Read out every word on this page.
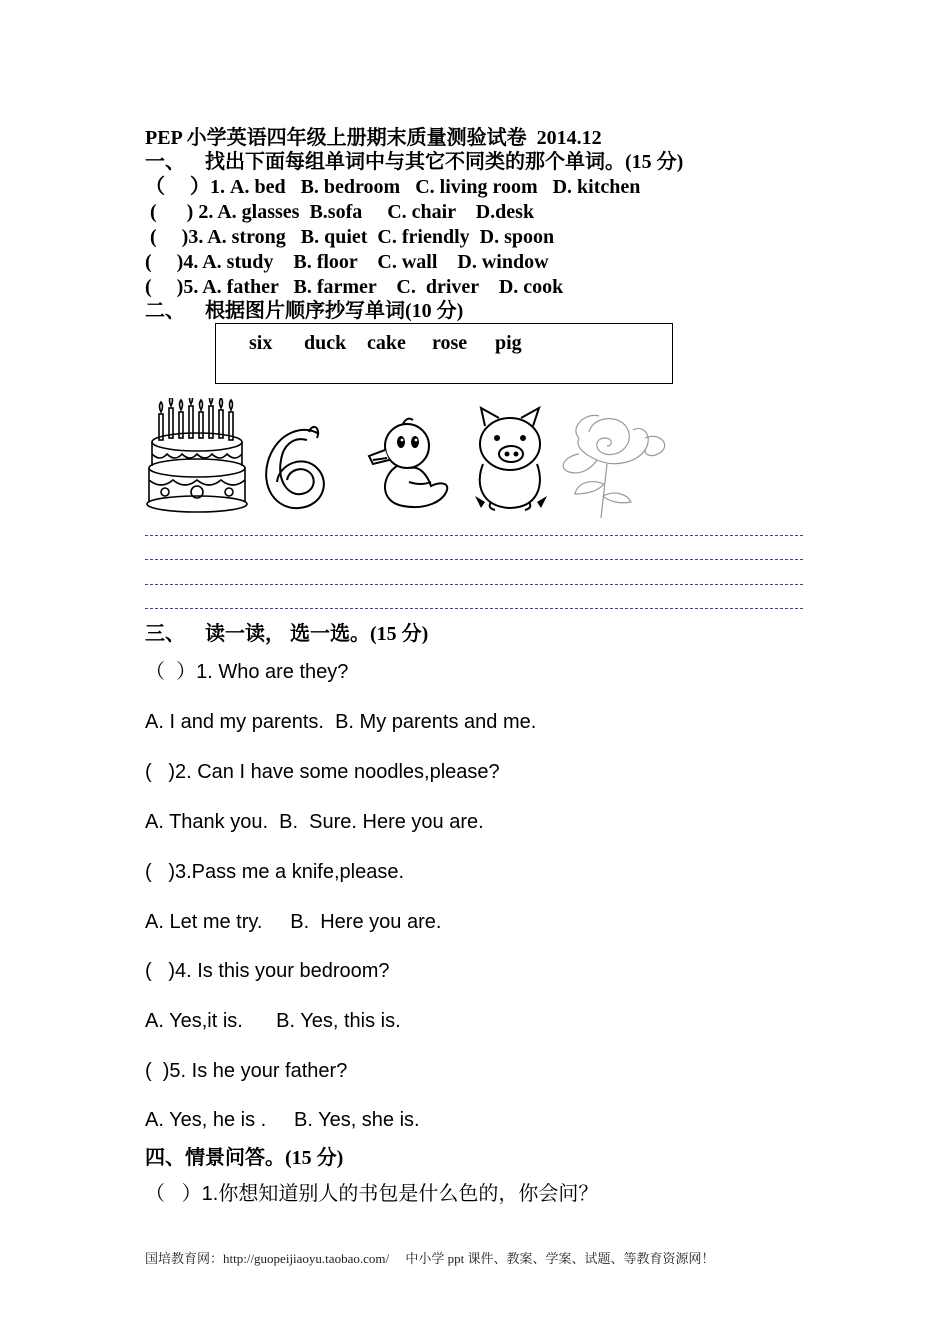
PEP 小学英语四年级上册期末质量测验试卷  2014.12
一、    找出下面每组单词中与其它不同类的那个单词。(15 分)
（     ）1. A. bed   B. bedroom   C. living room   D. kitchen
(      ) 2. A. glasses  B.sofa     C. chair    D.desk
(     )3. A. strong   B. quiet  C. friendly  D. spoon
(     )4. A. study    B. floor    C. wall    D. window
(     )5. A. father   B. farmer    C.  driver    D. cook
二、    根据图片顺序抄写单词(10 分)
six duck cake rose pig
三、    读一读， 选一选。(15 分)
（  ）1. Who are they?
A. I and my parents.  B. My parents and me.
(   )2. Can I have some noodles,please?
A. Thank you.  B.  Sure. Here you are.
(   )3.Pass me a knife,please.
A. Let me try.     B.  Here you are.
(   )4. Is this your bedroom?
A. Yes,it is.      B. Yes, this is.
(  )5. Is he your father?
A. Yes, he is .     B. Yes, she is.
四、情景问答。(15 分)
（   ）1.你想知道别人的书包是什么色的，你会问？
国培教育网：http://guopeijiaoyu.taobao.com/     中小学 ppt 课件、教案、学案、试题、等教育资源网！
